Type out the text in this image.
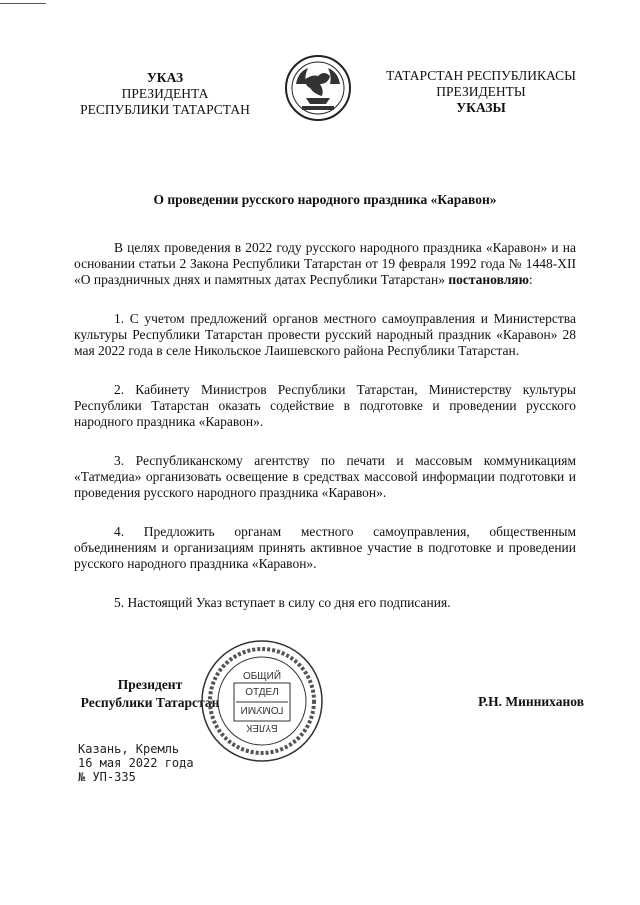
УКАЗ
ПРЕЗИДЕНТА
РЕСПУБЛИКИ ТАТАРСТАН
ТАТАРСТАН РЕСПУБЛИКАСЫ
ПРЕЗИДЕНТЫ
УКАЗЫ
О проведении русского народного праздника «Каравон»

В целях проведения в 2022 году русского народного праздника «Каравон» и на основании статьи 2 Закона Республики Татарстан от 19 февраля 1992 года № 1448-XII «О праздничных днях и памятных датах Республики Татарстан» постановляю:

1. С учетом предложений органов местного самоуправления и Министерства культуры Республики Татарстан провести русский народный праздник «Каравон» 28 мая 2022 года в селе Никольское Лаишевского района Республики Татарстан.

2. Кабинету Министров Республики Татарстан, Министерству культуры Республики Татарстан оказать содействие в подготовке и проведении русского народного праздника «Каравон».

3. Республиканскому агентству по печати и массовым коммуникациям «Татмедиа» организовать освещение в средствах массовой информации подготовки и проведения русского народного праздника «Каравон».

4. Предложить органам местного самоуправления, общественным объединениям и организациям принять активное участие в подготовке и проведении русского народного праздника «Каравон».

5. Настоящий Указ вступает в силу со дня его подписания.

Президент
Республики Татарстан
ОБЩИЙ
ОТДЕЛ
ГОМУМИ
БҮЛЕК
Р.Н. Минниханов
Казань, Кремль
16 мая 2022 года
№ УП-335
